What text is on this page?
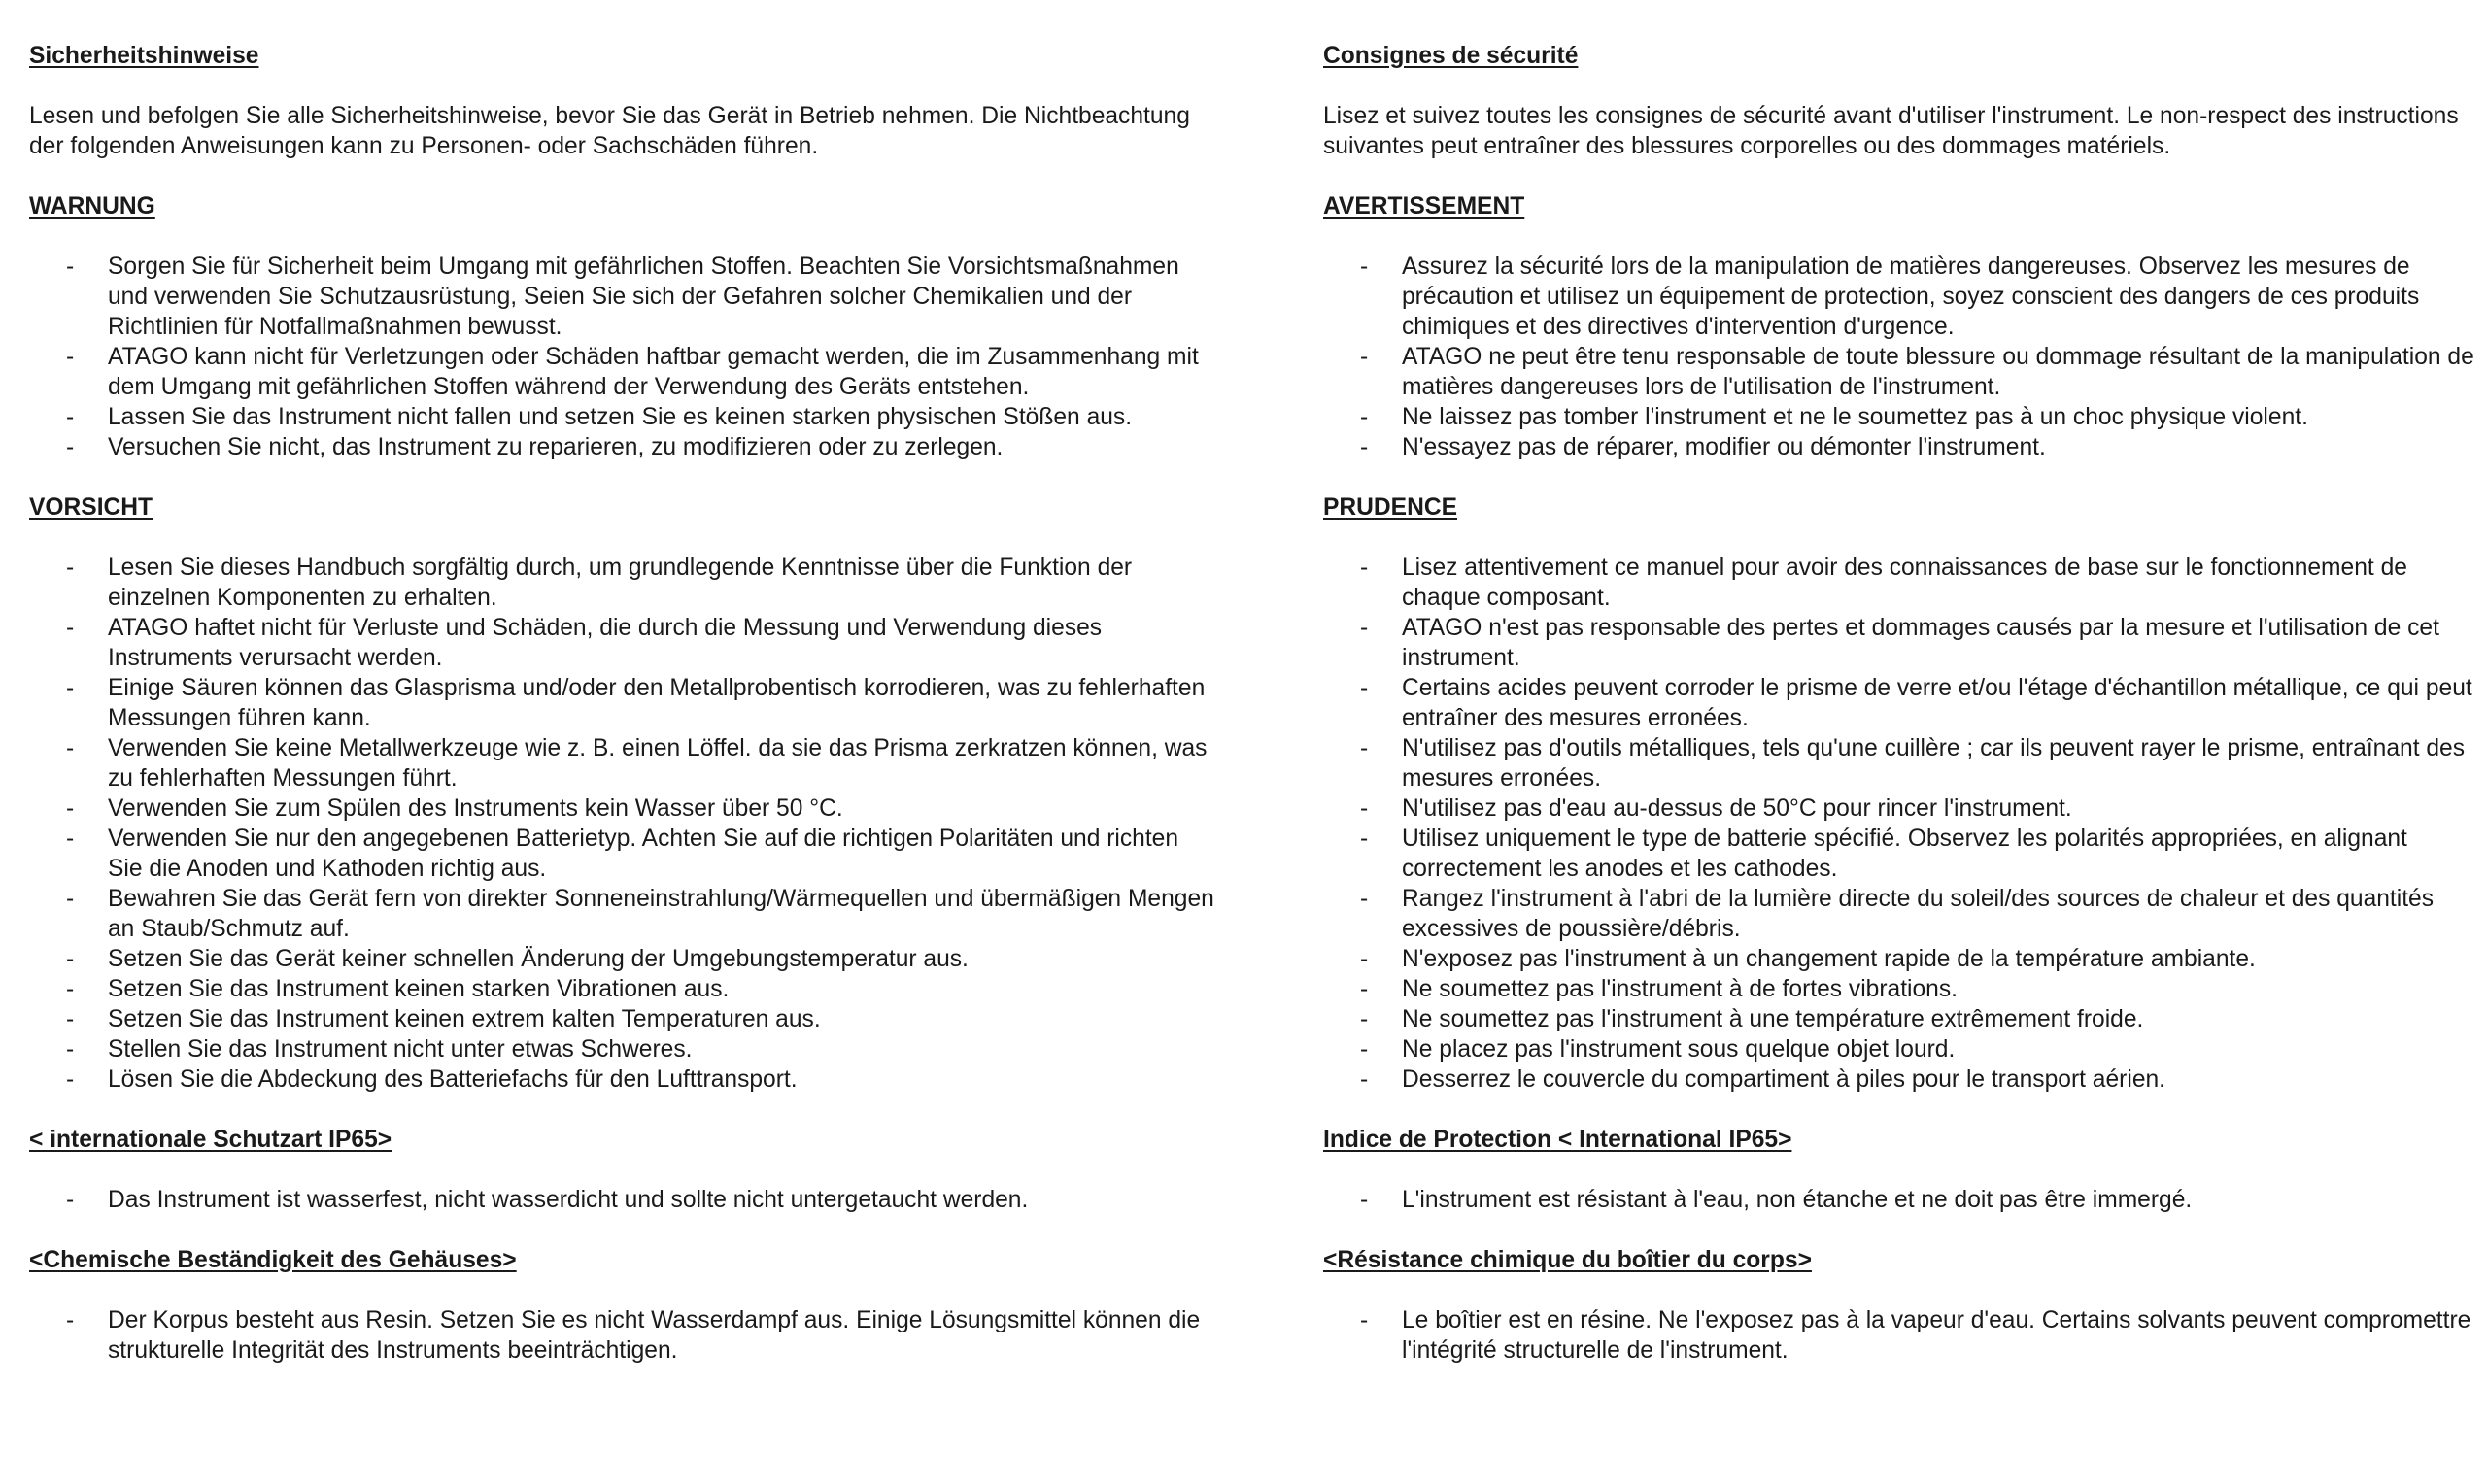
Sicherheitshinweise

Lesen und befolgen Sie alle Sicherheitshinweise, bevor Sie das Gerät in Betrieb nehmen. Die Nichtbeachtung der folgenden Anweisungen kann zu Personen- oder Sachschäden führen.

WARNUNG
- Sorgen Sie für Sicherheit beim Umgang mit gefährlichen Stoffen. Beachten Sie Vorsichtsmaßnahmen und verwenden Sie Schutzausrüstung, Seien Sie sich der Gefahren solcher Chemikalien und der Richtlinien für Notfallmaßnahmen bewusst.
- ATAGO kann nicht für Verletzungen oder Schäden haftbar gemacht werden, die im Zusammenhang mit dem Umgang mit gefährlichen Stoffen während der Verwendung des Geräts entstehen.
- Lassen Sie das Instrument nicht fallen und setzen Sie es keinen starken physischen Stößen aus.
- Versuchen Sie nicht, das Instrument zu reparieren, zu modifizieren oder zu zerlegen.
VORSICHT
- Lesen Sie dieses Handbuch sorgfältig durch, um grundlegende Kenntnisse über die Funktion der einzelnen Komponenten zu erhalten.
- ATAGO haftet nicht für Verluste und Schäden, die durch die Messung und Verwendung dieses Instruments verursacht werden.
- Einige Säuren können das Glasprisma und/oder den Metallprobentisch korrodieren, was zu fehlerhaften Messungen führen kann.
- Verwenden Sie keine Metallwerkzeuge wie z. B. einen Löffel. da sie das Prisma zerkratzen können, was zu fehlerhaften Messungen führt.
- Verwenden Sie zum Spülen des Instruments kein Wasser über 50 °C.
- Verwenden Sie nur den angegebenen Batterietyp. Achten Sie auf die richtigen Polaritäten und richten Sie die Anoden und Kathoden richtig aus.
- Bewahren Sie das Gerät fern von direkter Sonneneinstrahlung/Wärmequellen und übermäßigen Mengen an Staub/Schmutz auf.
- Setzen Sie das Gerät keiner schnellen Änderung der Umgebungstemperatur aus.
- Setzen Sie das Instrument keinen starken Vibrationen aus.
- Setzen Sie das Instrument keinen extrem kalten Temperaturen aus.
- Stellen Sie das Instrument nicht unter etwas Schweres.
- Lösen Sie die Abdeckung des Batteriefachs für den Lufttransport.
< internationale Schutzart IP65>
- Das Instrument ist wasserfest, nicht wasserdicht und sollte nicht untergetaucht werden.
<Chemische Beständigkeit des Gehäuses>
- Der Korpus besteht aus Resin. Setzen Sie es nicht Wasserdampf aus. Einige Lösungsmittel können die strukturelle Integrität des Instruments beeinträchtigen.
Consignes de sécurité

Lisez et suivez toutes les consignes de sécurité avant d'utiliser l'instrument. Le non-respect des instructions suivantes peut entraîner des blessures corporelles ou des dommages matériels.

AVERTISSEMENT
- Assurez la sécurité lors de la manipulation de matières dangereuses. Observez les mesures de précaution et utilisez un équipement de protection, soyez conscient des dangers de ces produits chimiques et des directives d'intervention d'urgence.
- ATAGO ne peut être tenu responsable de toute blessure ou dommage résultant de la manipulation de matières dangereuses lors de l'utilisation de l'instrument.
- Ne laissez pas tomber l'instrument et ne le soumettez pas à un choc physique violent.
- N'essayez pas de réparer, modifier ou démonter l'instrument.
PRUDENCE
- Lisez attentivement ce manuel pour avoir des connaissances de base sur le fonctionnement de chaque composant.
- ATAGO n'est pas responsable des pertes et dommages causés par la mesure et l'utilisation de cet instrument.
- Certains acides peuvent corroder le prisme de verre et/ou l'étage d'échantillon métallique, ce qui peut entraîner des mesures erronées.
- N'utilisez pas d'outils métalliques, tels qu'une cuillère ; car ils peuvent rayer le prisme, entraînant des mesures erronées.
- N'utilisez pas d'eau au-dessus de 50°C pour rincer l'instrument.
- Utilisez uniquement le type de batterie spécifié. Observez les polarités appropriées, en alignant correctement les anodes et les cathodes.
- Rangez l'instrument à l'abri de la lumière directe du soleil/des sources de chaleur et des quantités excessives de poussière/débris.
- N'exposez pas l'instrument à un changement rapide de la température ambiante.
- Ne soumettez pas l'instrument à de fortes vibrations.
- Ne soumettez pas l'instrument à une température extrêmement froide.
- Ne placez pas l'instrument sous quelque objet lourd.
- Desserrez le couvercle du compartiment à piles pour le transport aérien.
Indice de Protection < International IP65>
- L'instrument est résistant à l'eau, non étanche et ne doit pas être immergé.
<Résistance chimique du boîtier du corps>
- Le boîtier est en résine. Ne l'exposez pas à la vapeur d'eau. Certains solvants peuvent compromettre l'intégrité structurelle de l'instrument.
